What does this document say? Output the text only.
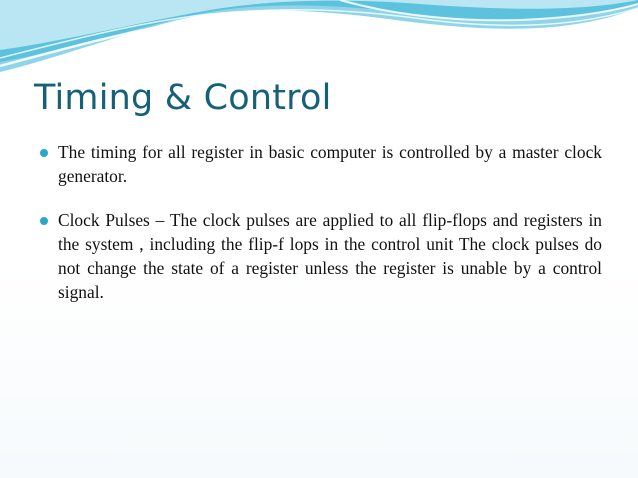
Timing & Control
The timing for all register in basic computer is controlled by a master clock generator.
Clock Pulses – The clock pulses are applied to all flip-flops and registers in the system , including the flip-f lops in the control unit The clock pulses do not change the state of a register unless the register is unable by a control signal.
